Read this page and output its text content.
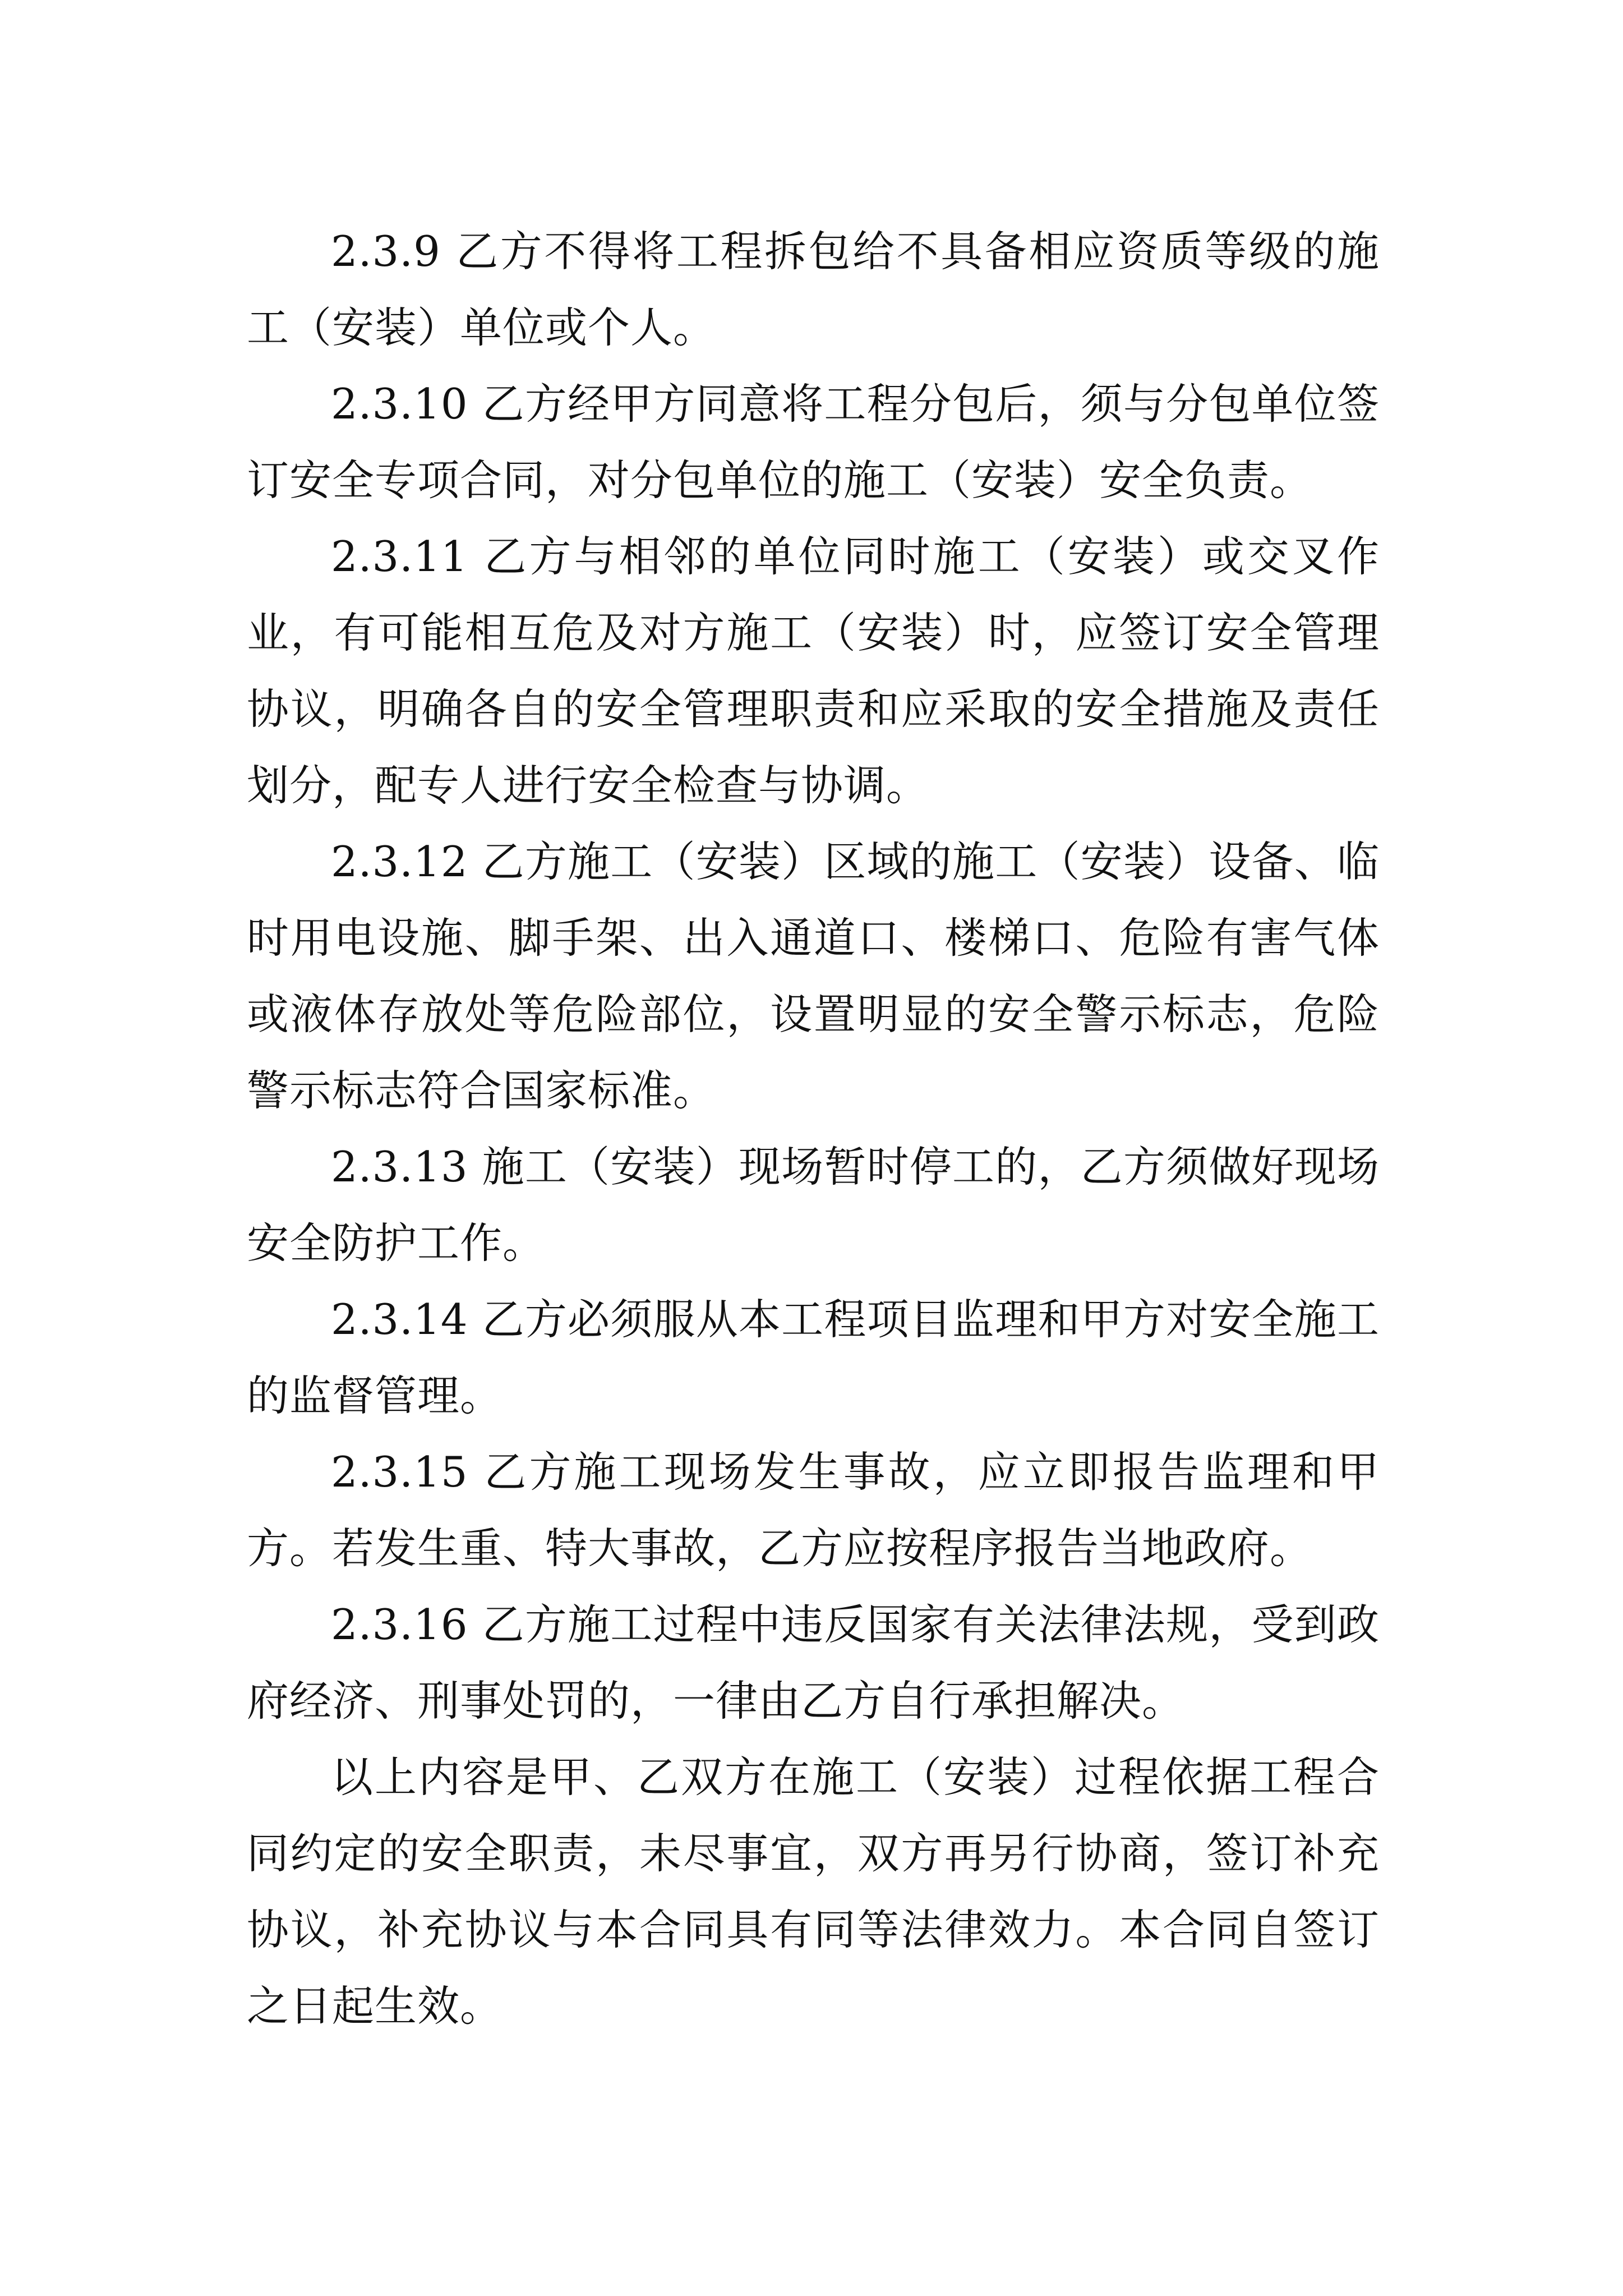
2.3.9 乙方不得将工程拆包给不具备相应资质等级的施工（安装）单位或个人。

2.3.10 乙方经甲方同意将工程分包后，须与分包单位签订安全专项合同，对分包单位的施工（安装）安全负责。

2.3.11 乙方与相邻的单位同时施工（安装）或交叉作业，有可能相互危及对方施工（安装）时，应签订安全管理协议，明确各自的安全管理职责和应采取的安全措施及责任划分，配专人进行安全检查与协调。

2.3.12 乙方施工（安装）区域的施工（安装）设备、临时用电设施、脚手架、出入通道口、楼梯口、危险有害气体或液体存放处等危险部位，设置明显的安全警示标志，危险警示标志符合国家标准。

2.3.13 施工（安装）现场暂时停工的，乙方须做好现场安全防护工作。

2.3.14 乙方必须服从本工程项目监理和甲方对安全施工的监督管理。

2.3.15 乙方施工现场发生事故，应立即报告监理和甲方。若发生重、特大事故，乙方应按程序报告当地政府。

2.3.16 乙方施工过程中违反国家有关法律法规，受到政府经济、刑事处罚的，一律由乙方自行承担解决。

以上内容是甲、乙双方在施工（安装）过程依据工程合同约定的安全职责，未尽事宜，双方再另行协商，签订补充协议，补充协议与本合同具有同等法律效力。本合同自签订之日起生效。
